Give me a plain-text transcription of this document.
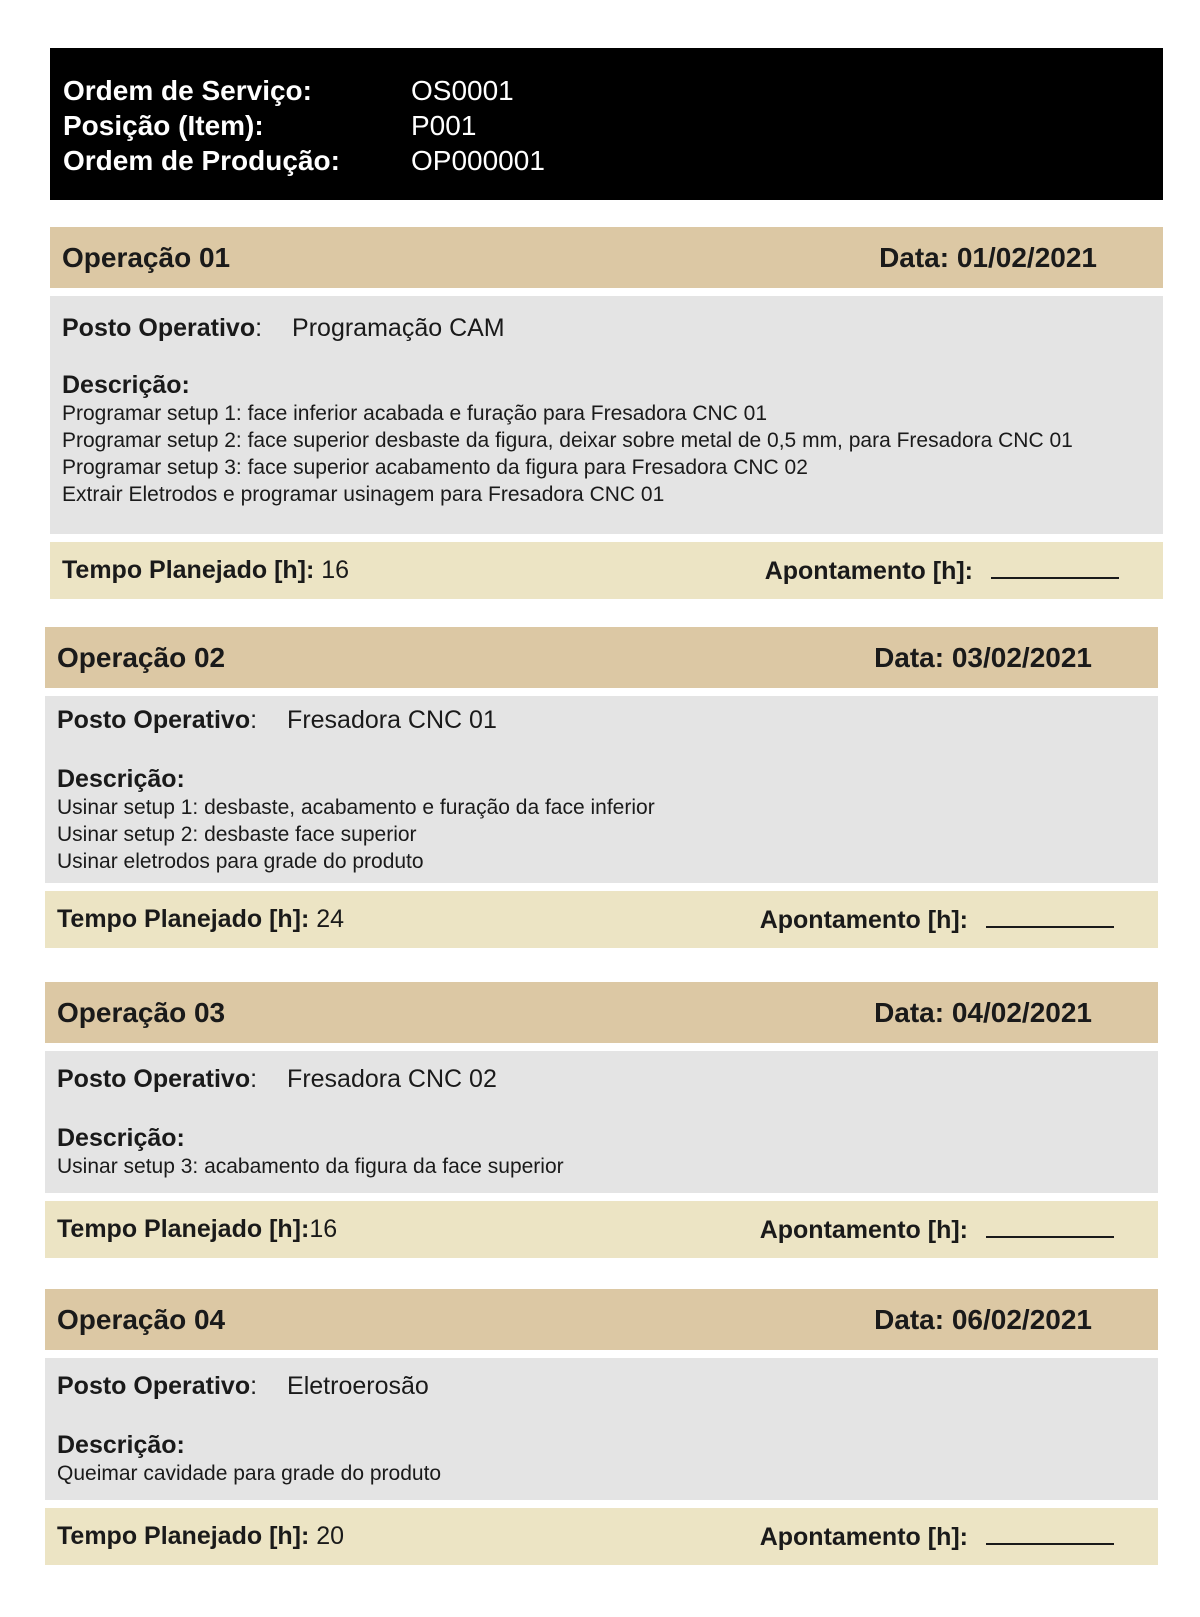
Ordem de Serviço:	OS0001
Posição (Item):	P001
Ordem de Produção:	OP000001
Operação 01	Data: 01/02/2021
Posto Operativo : Programação CAM
Descrição:
Programar setup 1: face inferior acabada e furação para Fresadora CNC 01
Programar setup 2: face superior desbaste da figura, deixar sobre metal de 0,5 mm, para Fresadora CNC 01
Programar setup 3: face superior acabamento da figura para Fresadora CNC 02
Extrair Eletrodos e programar usinagem para Fresadora CNC 01
Tempo Planejado [h]: 16	Apontamento [h]:
Operação 02	Data: 03/02/2021
Posto Operativo : Fresadora CNC 01
Descrição:
Usinar setup 1: desbaste, acabamento e furação da face inferior
Usinar setup 2: desbaste face superior
Usinar eletrodos para grade do produto
Tempo Planejado [h]: 24	Apontamento [h]:
Operação 03	Data: 04/02/2021
Posto Operativo : Fresadora CNC 02
Descrição:
Usinar setup 3: acabamento da figura da face superior
Tempo Planejado [h]:16	Apontamento [h]:
Operação 04	Data: 06/02/2021
Posto Operativo : Eletroerosão
Descrição:
Queimar cavidade para grade do produto
Tempo Planejado [h]: 20	Apontamento [h]:
